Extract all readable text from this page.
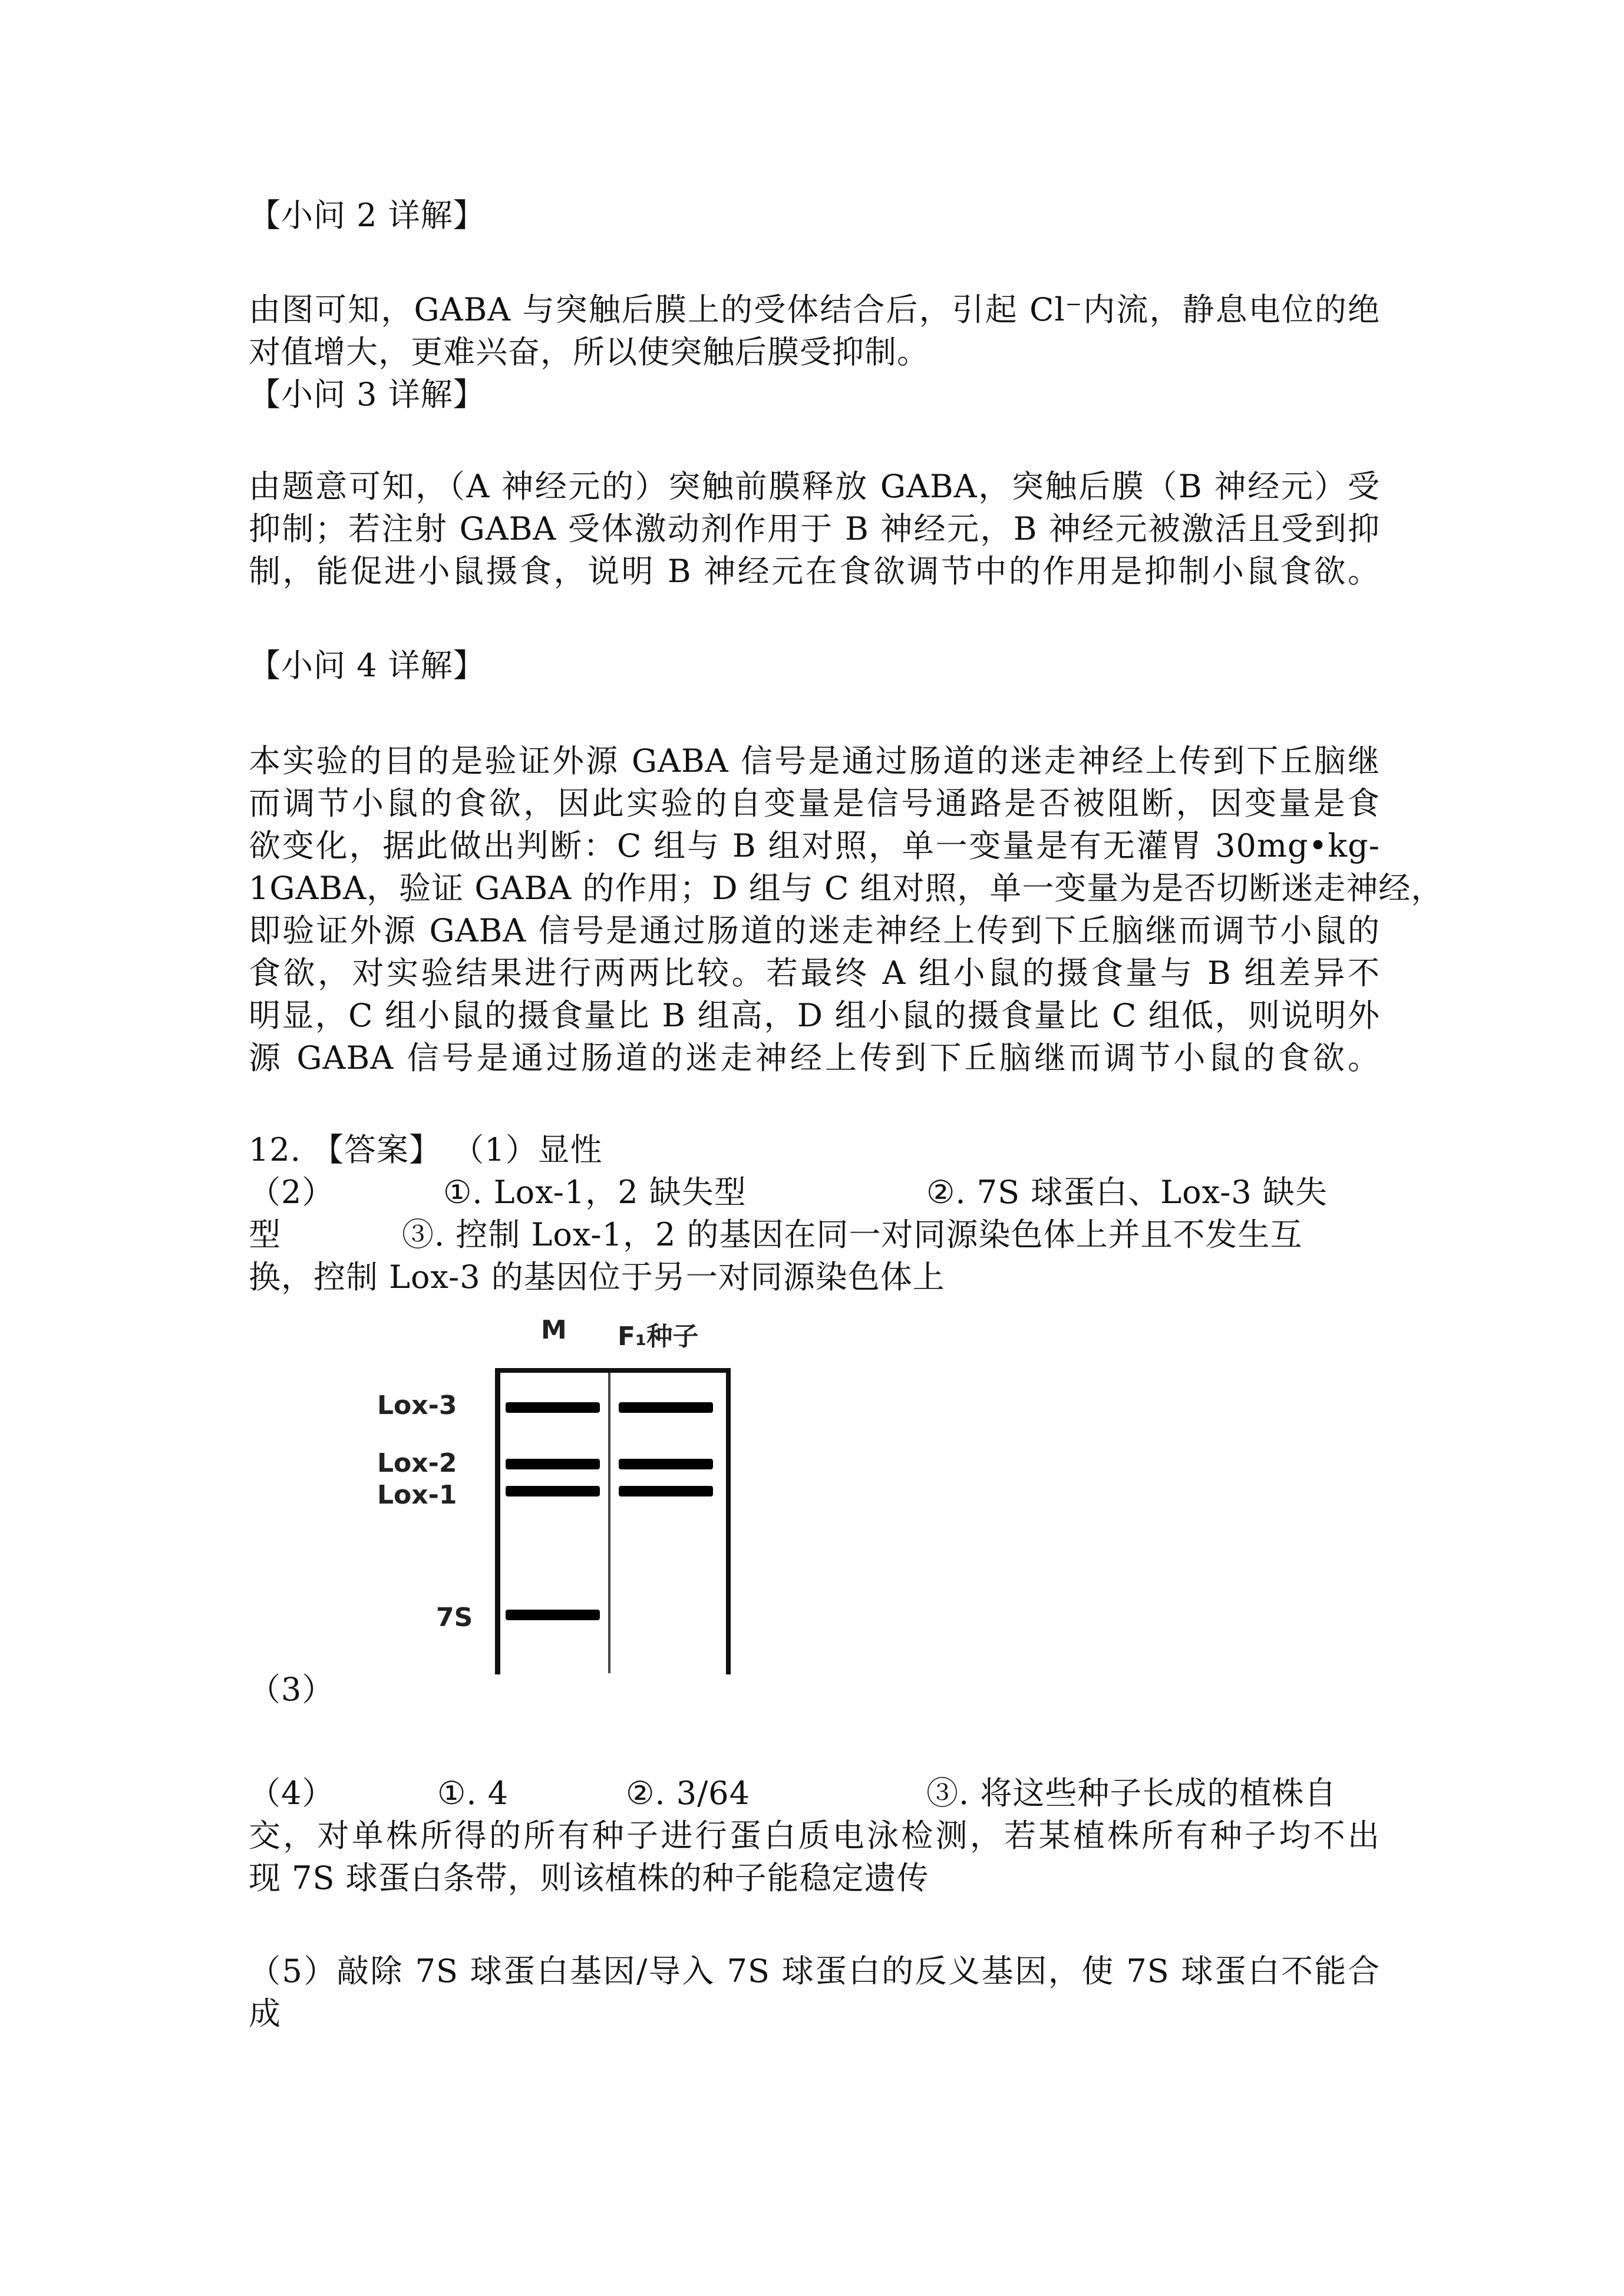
【小问 2 详解】
由图可知，GABA 与突触后膜上的受体结合后，引起 Cl⁻内流，静息电位的绝
对值增大，更难兴奋，所以使突触后膜受抑制。
【小问 3 详解】
由题意可知，（A 神经元的）突触前膜释放 GABA，突触后膜（B 神经元）受
抑制；若注射 GABA 受体激动剂作用于 B 神经元，B 神经元被激活且受到抑
制，能促进小鼠摄食，说明 B 神经元在食欲调节中的作用是抑制小鼠食欲。
【小问 4 详解】
本实验的目的是验证外源 GABA 信号是通过肠道的迷走神经上传到下丘脑继
而调节小鼠的食欲，因此实验的自变量是信号通路是否被阻断，因变量是食
欲变化，据此做出判断：C 组与 B 组对照，单一变量是有无灌胃 30mg•kg-
1GABA，验证 GABA 的作用；D 组与 C 组对照，单一变量为是否切断迷走神经，
即验证外源 GABA 信号是通过肠道的迷走神经上传到下丘脑继而调节小鼠的
食欲，对实验结果进行两两比较。若最终 A 组小鼠的摄食量与 B 组差异不
明显，C 组小鼠的摄食量比 B 组高，D 组小鼠的摄食量比 C 组低，则说明外
源 GABA 信号是通过肠道的迷走神经上传到下丘脑继而调节小鼠的食欲。
12. 【答案】 （1）显性
（2）	①. Lox-1，2 缺失型	②. 7S 球蛋白、Lox-3 缺失
型	③. 控制 Lox-1，2 的基因在同一对同源染色体上并且不发生互
换，控制 Lox-3 的基因位于另一对同源染色体上
M F₁种子
Lox-3
Lox-2
Lox-1
7S
（3）
（4）	①. 4	②. 3/64	③. 将这些种子长成的植株自
交，对单株所得的所有种子进行蛋白质电泳检测，若某植株所有种子均不出
现 7S 球蛋白条带，则该植株的种子能稳定遗传
（5）敲除 7S 球蛋白基因/导入 7S 球蛋白的反义基因，使 7S 球蛋白不能合
成
